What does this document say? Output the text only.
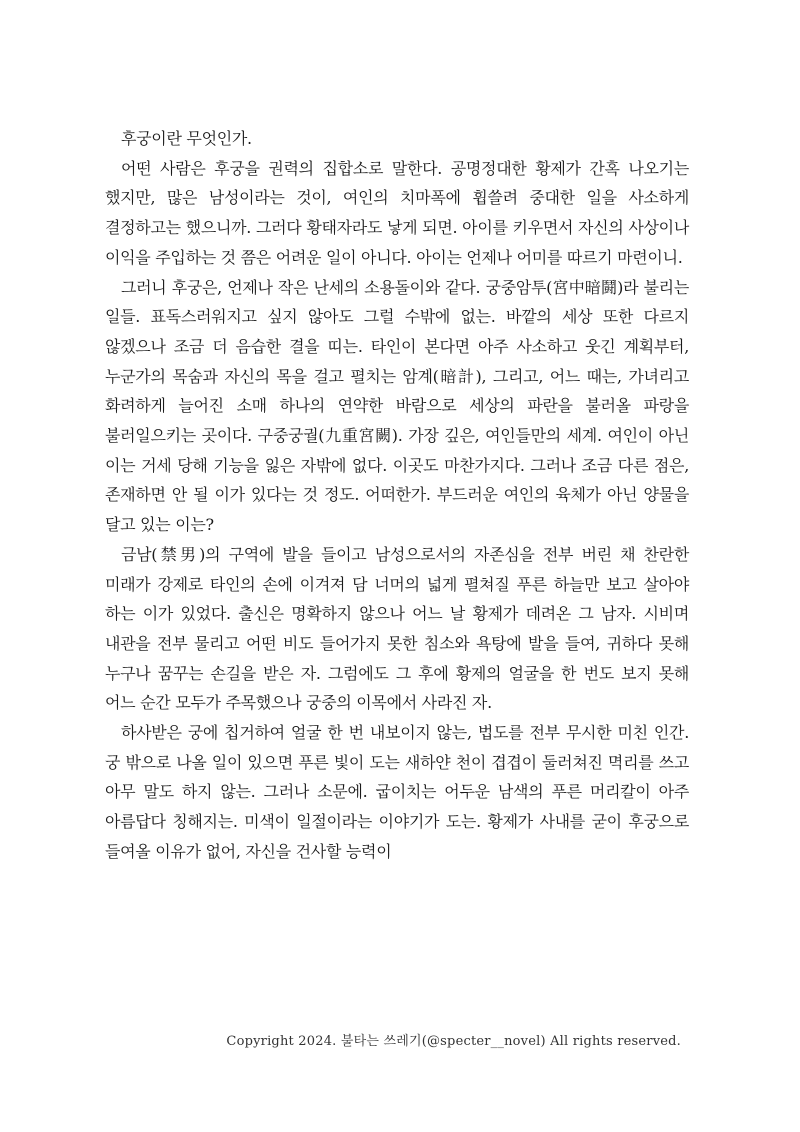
후궁이란 무엇인가.

어떤 사람은 후궁을 권력의 집합소로 말한다. 공명정대한 황제가 간혹 나오기는 했지만, 많은 남성이라는 것이, 여인의 치마폭에 휩쓸려 중대한 일을 사소하게 결정하고는 했으니까. 그러다 황태자라도 낳게 되면. 아이를 키우면서 자신의 사상이나 이익을 주입하는 것 쯤은 어려운 일이 아니다. 아이는 언제나 어미를 따르기 마련이니.

그러니 후궁은, 언제나 작은 난세의 소용돌이와 같다. 궁중암투(宮中暗鬪)라 불리는 일들. 표독스러워지고 싶지 않아도 그럴 수밖에 없는. 바깥의 세상 또한 다르지 않겠으나 조금 더 음습한 결을 띠는. 타인이 본다면 아주 사소하고 웃긴 계획부터, 누군가의 목숨과 자신의 목을 걸고 펼치는 암계(暗計), 그리고, 어느 때는, 가녀리고 화려하게 늘어진 소매 하나의 연약한 바람으로 세상의 파란을 불러올 파랑을 불러일으키는 곳이다. 구중궁궐(九重宮闕). 가장 깊은, 여인들만의 세계. 여인이 아닌 이는 거세 당해 기능을 잃은 자밖에 없다. 이곳도 마찬가지다. 그러나 조금 다른 점은, 존재하면 안 될 이가 있다는 것 정도. 어떠한가. 부드러운 여인의 육체가 아닌 양물을 달고 있는 이는?

금남(禁男)의 구역에 발을 들이고 남성으로서의 자존심을 전부 버린 채 찬란한 미래가 강제로 타인의 손에 이겨져 담 너머의 넓게 펼쳐질 푸른 하늘만 보고 살아야 하는 이가 있었다. 출신은 명확하지 않으나 어느 날 황제가 데려온 그 남자. 시비며 내관을 전부 물리고 어떤 비도 들어가지 못한 침소와 욕탕에 발을 들여, 귀하다 못해 누구나 꿈꾸는 손길을 받은 자. 그럼에도 그 후에 황제의 얼굴을 한 번도 보지 못해 어느 순간 모두가 주목했으나 궁중의 이목에서 사라진 자.

하사받은 궁에 칩거하여 얼굴 한 번 내보이지 않는, 법도를 전부 무시한 미친 인간. 궁 밖으로 나올 일이 있으면 푸른 빛이 도는 새하얀 천이 겹겹이 둘러쳐진 멱리를 쓰고 아무 말도 하지 않는. 그러나 소문에. 굽이치는 어두운 남색의 푸른 머리칼이 아주 아름답다 칭해지는. 미색이 일절이라는 이야기가 도는. 황제가 사내를 굳이 후궁으로 들여올 이유가 없어, 자신을 건사할 능력이

Copyright 2024. 불타는 쓰레기(@specter__novel) All rights reserved.
